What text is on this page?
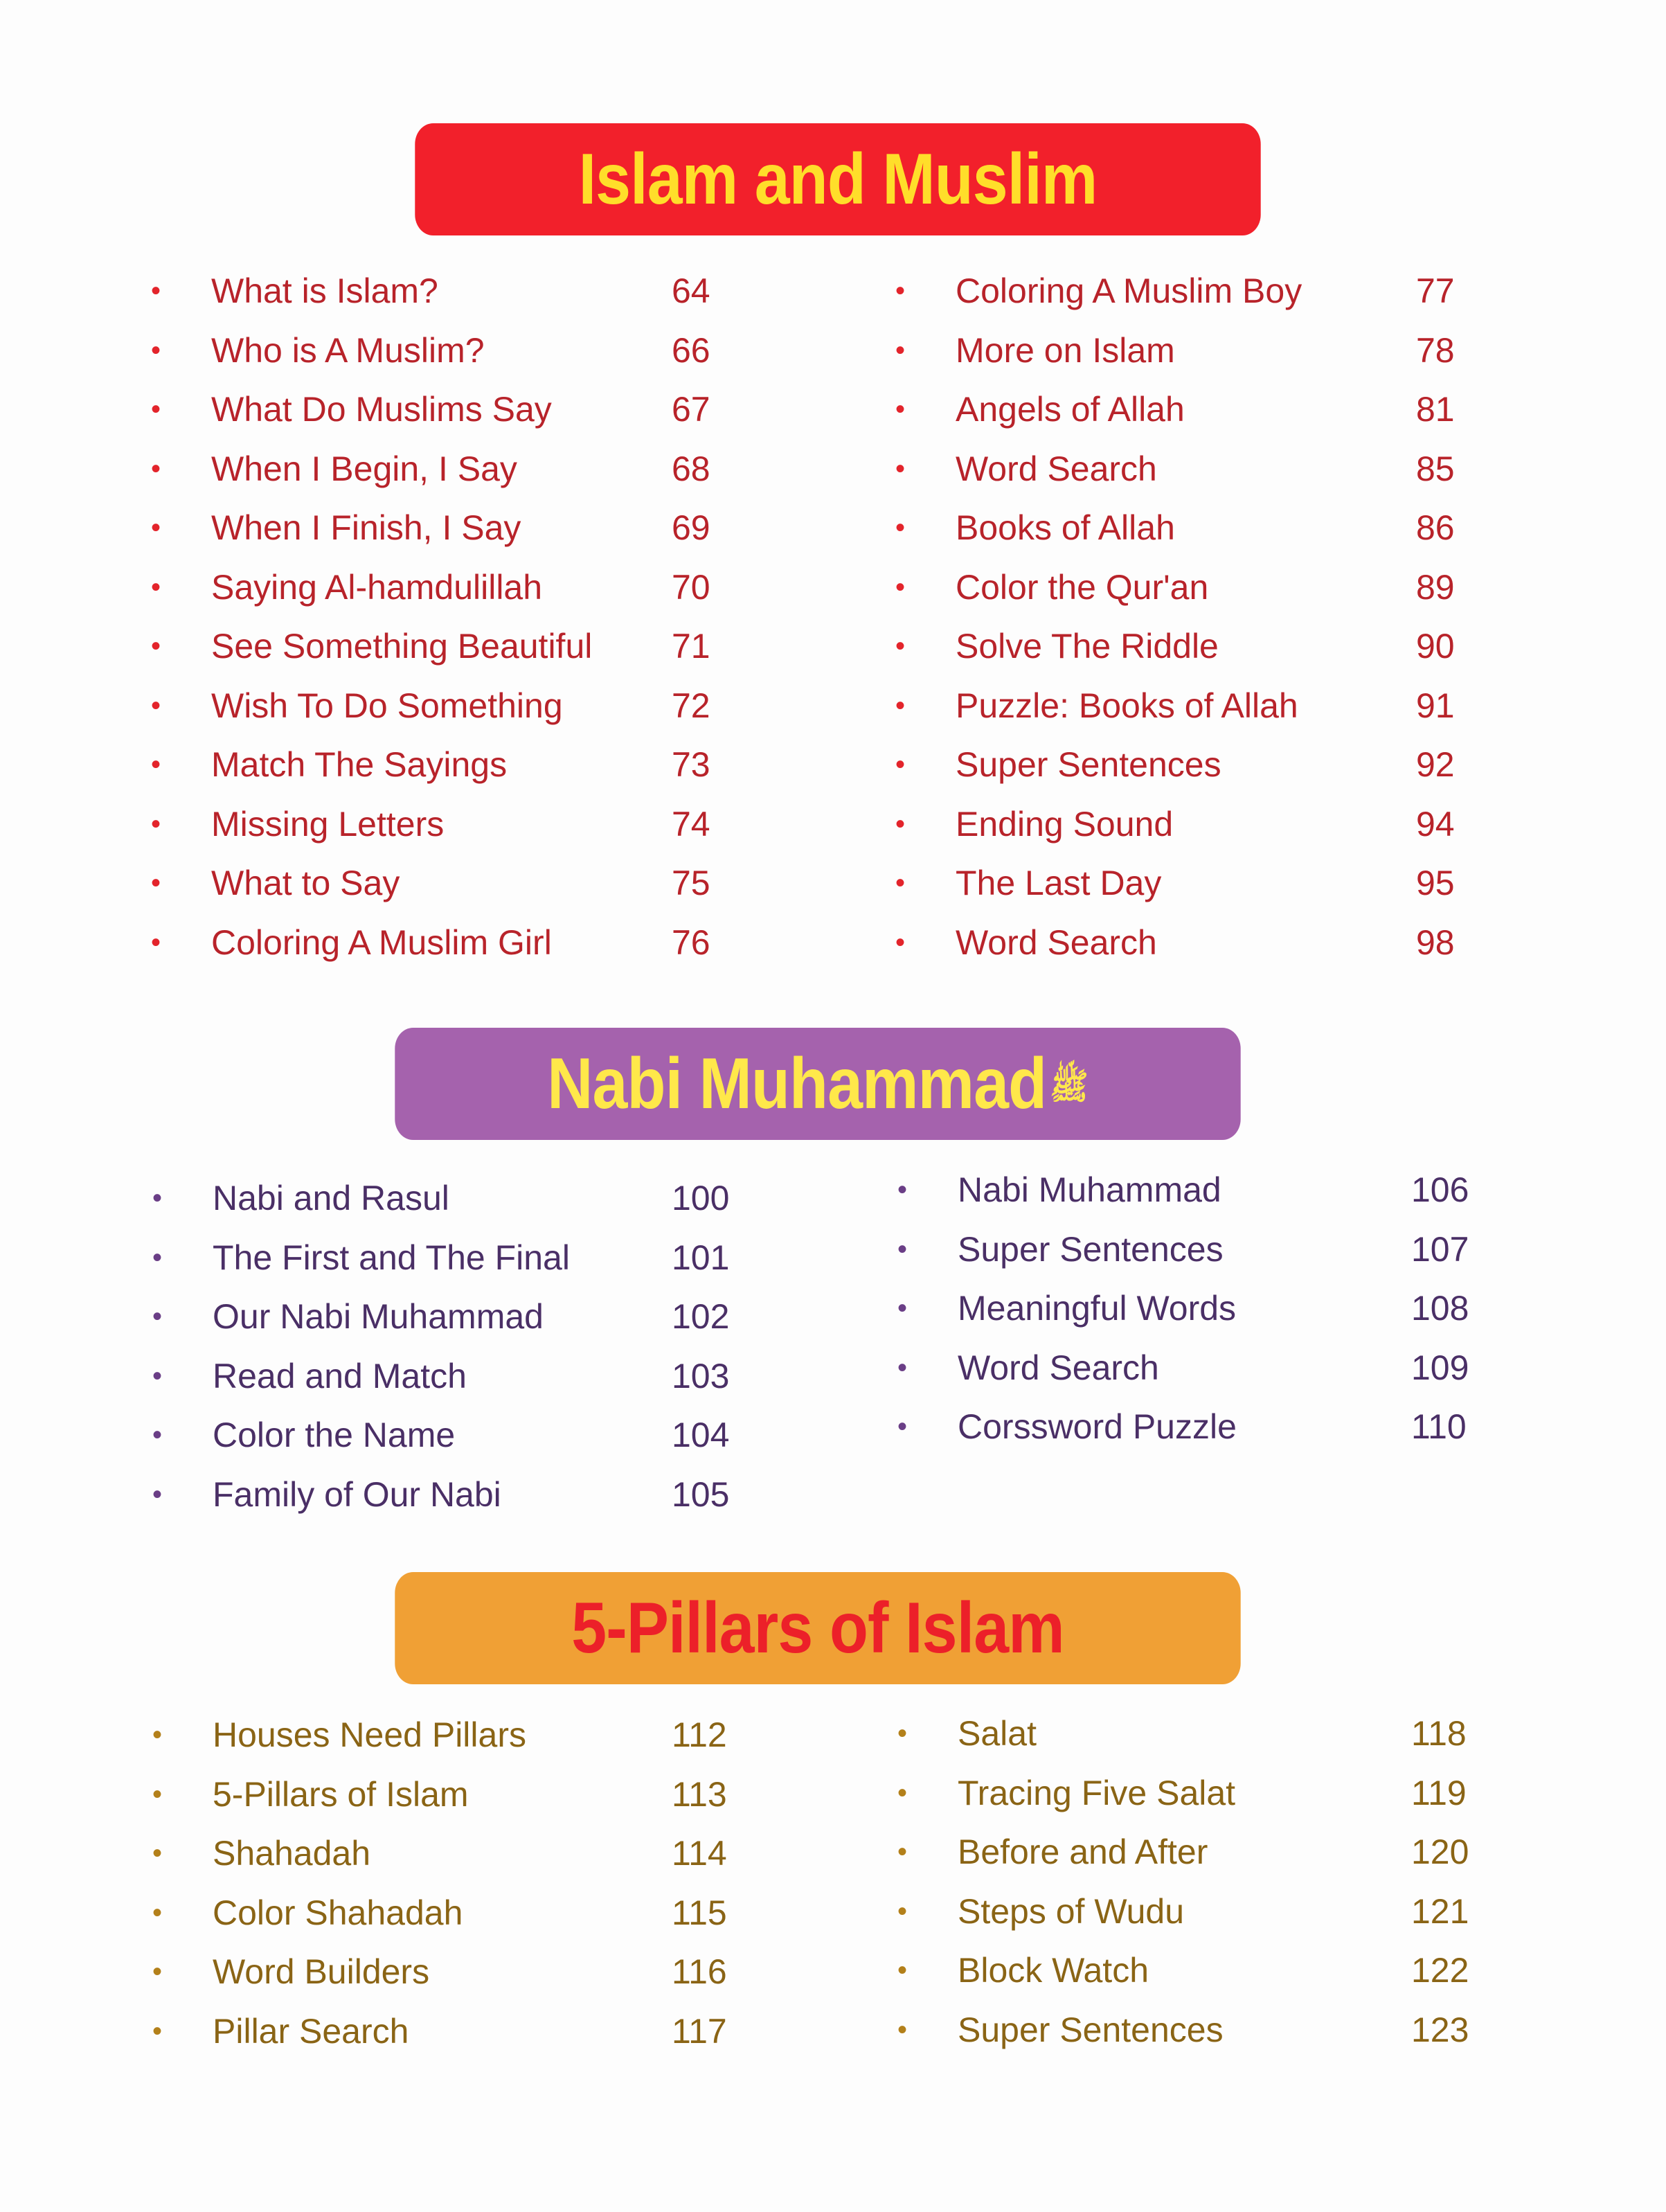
Islam and Muslim
• What is Islam?	64
• Who is A Muslim?	66
• What Do Muslims Say	67
• When I Begin, I Say	68
• When I Finish, I Say	69
• Saying Al-hamdulillah	70
• See Something Beautiful 71
• Wish To Do Something	72
• Match The Sayings	73
• Missing Letters	74
• What to Say	75
• Coloring A Muslim Girl	76
• Coloring A Muslim Boy	77
• More on Islam	78
• Angels of Allah	81
• Word Search	85
• Books of Allah	86
• Color the Qur'an	89
• Solve The Riddle	90
• Puzzle: Books of Allah	91
• Super Sentences	92
• Ending Sound	94
• The Last Day	95
• Word Search	98
Nabi Muhammad ﷺ
• Nabi and Rasul	100
• The First and The Final	101
• Our Nabi Muhammad	102
• Read and Match	103
• Color the Name	104
• Family of Our Nabi	105
• Nabi Muhammad	106
• Super Sentences	107
• Meaningful Words	108
• Word Search	109
• Corssword Puzzle	110
5-Pillars of Islam
• Houses Need Pillars	112
• 5-Pillars of Islam	113
• Shahadah	114
• Color Shahadah	115
• Word Builders	116
• Pillar Search	117
• Salat	118
• Tracing Five Salat	119
• Before and After	120
• Steps of Wudu	121
• Block Watch	122
• Super Sentences	123
